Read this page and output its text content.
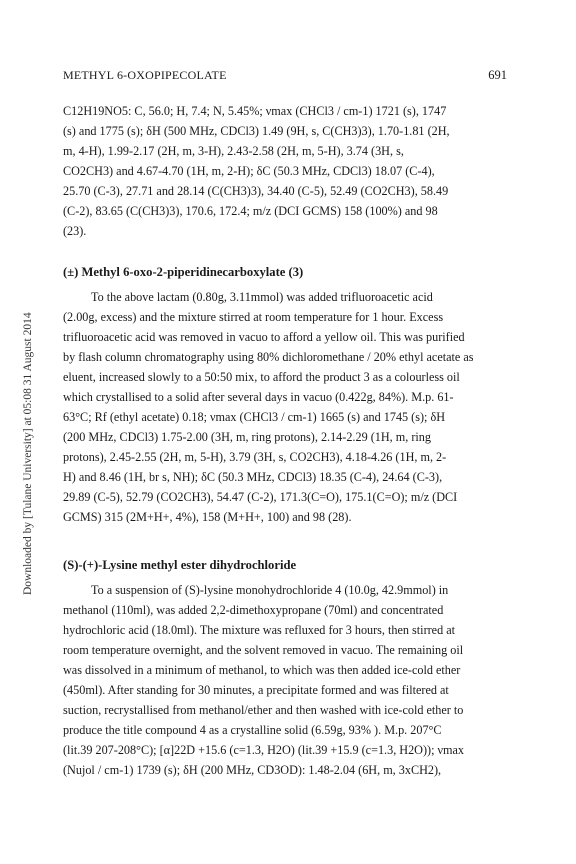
Downloaded by [Tulane University] at 05:08 31 August 2014
METHYL 6-OXOPIPECOLATE	691

C12H19NO5: C, 56.0; H, 7.4; N, 5.45%; νmax (CHCl3 / cm-1) 1721 (s), 1747
(s) and 1775 (s); δH (500 MHz, CDCl3) 1.49 (9H, s, C(CH3)3), 1.70-1.81 (2H,
m, 4-H), 1.99-2.17 (2H, m, 3-H), 2.43-2.58 (2H, m, 5-H), 3.74 (3H, s,
CO2CH3) and 4.67-4.70 (1H, m, 2-H); δC (50.3 MHz, CDCl3) 18.07 (C-4),
25.70 (C-3), 27.71 and 28.14 (C(CH3)3), 34.40 (C-5), 52.49 (CO2CH3), 58.49
(C-2), 83.65 (C(CH3)3), 170.6, 172.4; m/z (DCI GCMS) 158 (100%) and 98
(23).

(±) Methyl 6-oxo-2-piperidinecarboxylate (3)

To the above lactam (0.80g, 3.11mmol) was added trifluoroacetic acid
(2.00g, excess) and the mixture stirred at room temperature for 1 hour. Excess
trifluoroacetic acid was removed in vacuo to afford a yellow oil. This was purified
by flash column chromatography using 80% dichloromethane / 20% ethyl acetate as
eluent, increased slowly to a 50:50 mix, to afford the product 3 as a colourless oil
which crystallised to a solid after several days in vacuo (0.422g, 84%). M.p. 61-
63°C; Rf (ethyl acetate) 0.18; νmax (CHCl3 / cm-1) 1665 (s) and 1745 (s); δH
(200 MHz, CDCl3) 1.75-2.00 (3H, m, ring protons), 2.14-2.29 (1H, m, ring
protons), 2.45-2.55 (2H, m, 5-H), 3.79 (3H, s, CO2CH3), 4.18-4.26 (1H, m, 2-
H) and 8.46 (1H, br s, NH); δC (50.3 MHz, CDCl3) 18.35 (C-4), 24.64 (C-3),
29.89 (C-5), 52.79 (CO2CH3), 54.47 (C-2), 171.3(C=O), 175.1(C=O); m/z (DCI
GCMS) 315 (2M+H+, 4%), 158 (M+H+, 100) and 98 (28).

(S)-(+)-Lysine methyl ester dihydrochloride

To a suspension of (S)-lysine monohydrochloride 4 (10.0g, 42.9mmol) in
methanol (110ml), was added 2,2-dimethoxypropane (70ml) and concentrated
hydrochloric acid (18.0ml). The mixture was refluxed for 3 hours, then stirred at
room temperature overnight, and the solvent removed in vacuo. The remaining oil
was dissolved in a minimum of methanol, to which was then added ice-cold ether
(450ml). After standing for 30 minutes, a precipitate formed and was filtered at
suction, recrystallised from methanol/ether and then washed with ice-cold ether to
produce the title compound 4 as a crystalline solid (6.59g, 93% ). M.p. 207°C
(lit.39 207-208°C); [α]22D +15.6 (c=1.3, H2O) (lit.39 +15.9 (c=1.3, H2O)); νmax
(Nujol / cm-1) 1739 (s); δH (200 MHz, CD3OD): 1.48-2.04 (6H, m, 3xCH2),
